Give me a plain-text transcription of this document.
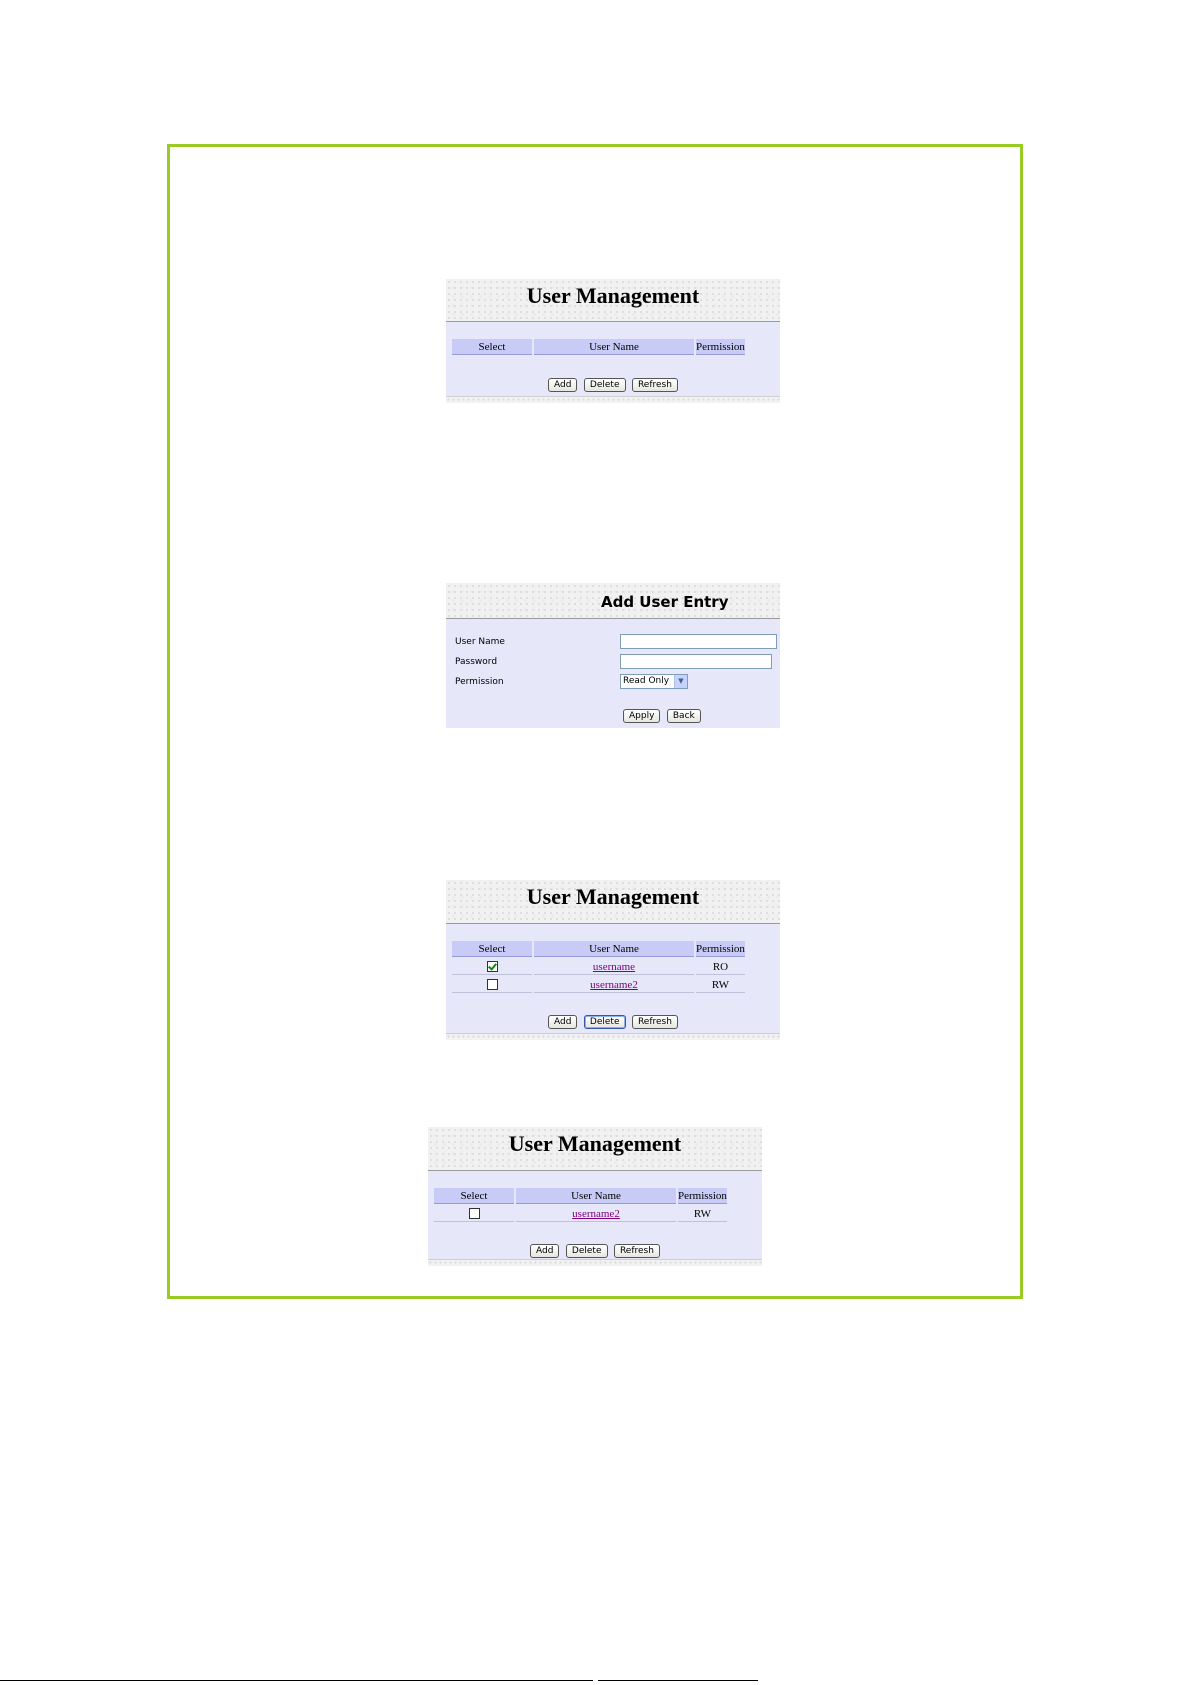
User Management
Select	User Name	Permission
Add Delete Refresh
Add User Entry
User Name
Password
Permission	Read Only	▼
Apply Back
User Management
Select	User Name	Permission
	username	RO
	username2	RW
Add Delete Refresh
User Management
Select	User Name	Permission
	username2	RW
Add Delete Refresh
